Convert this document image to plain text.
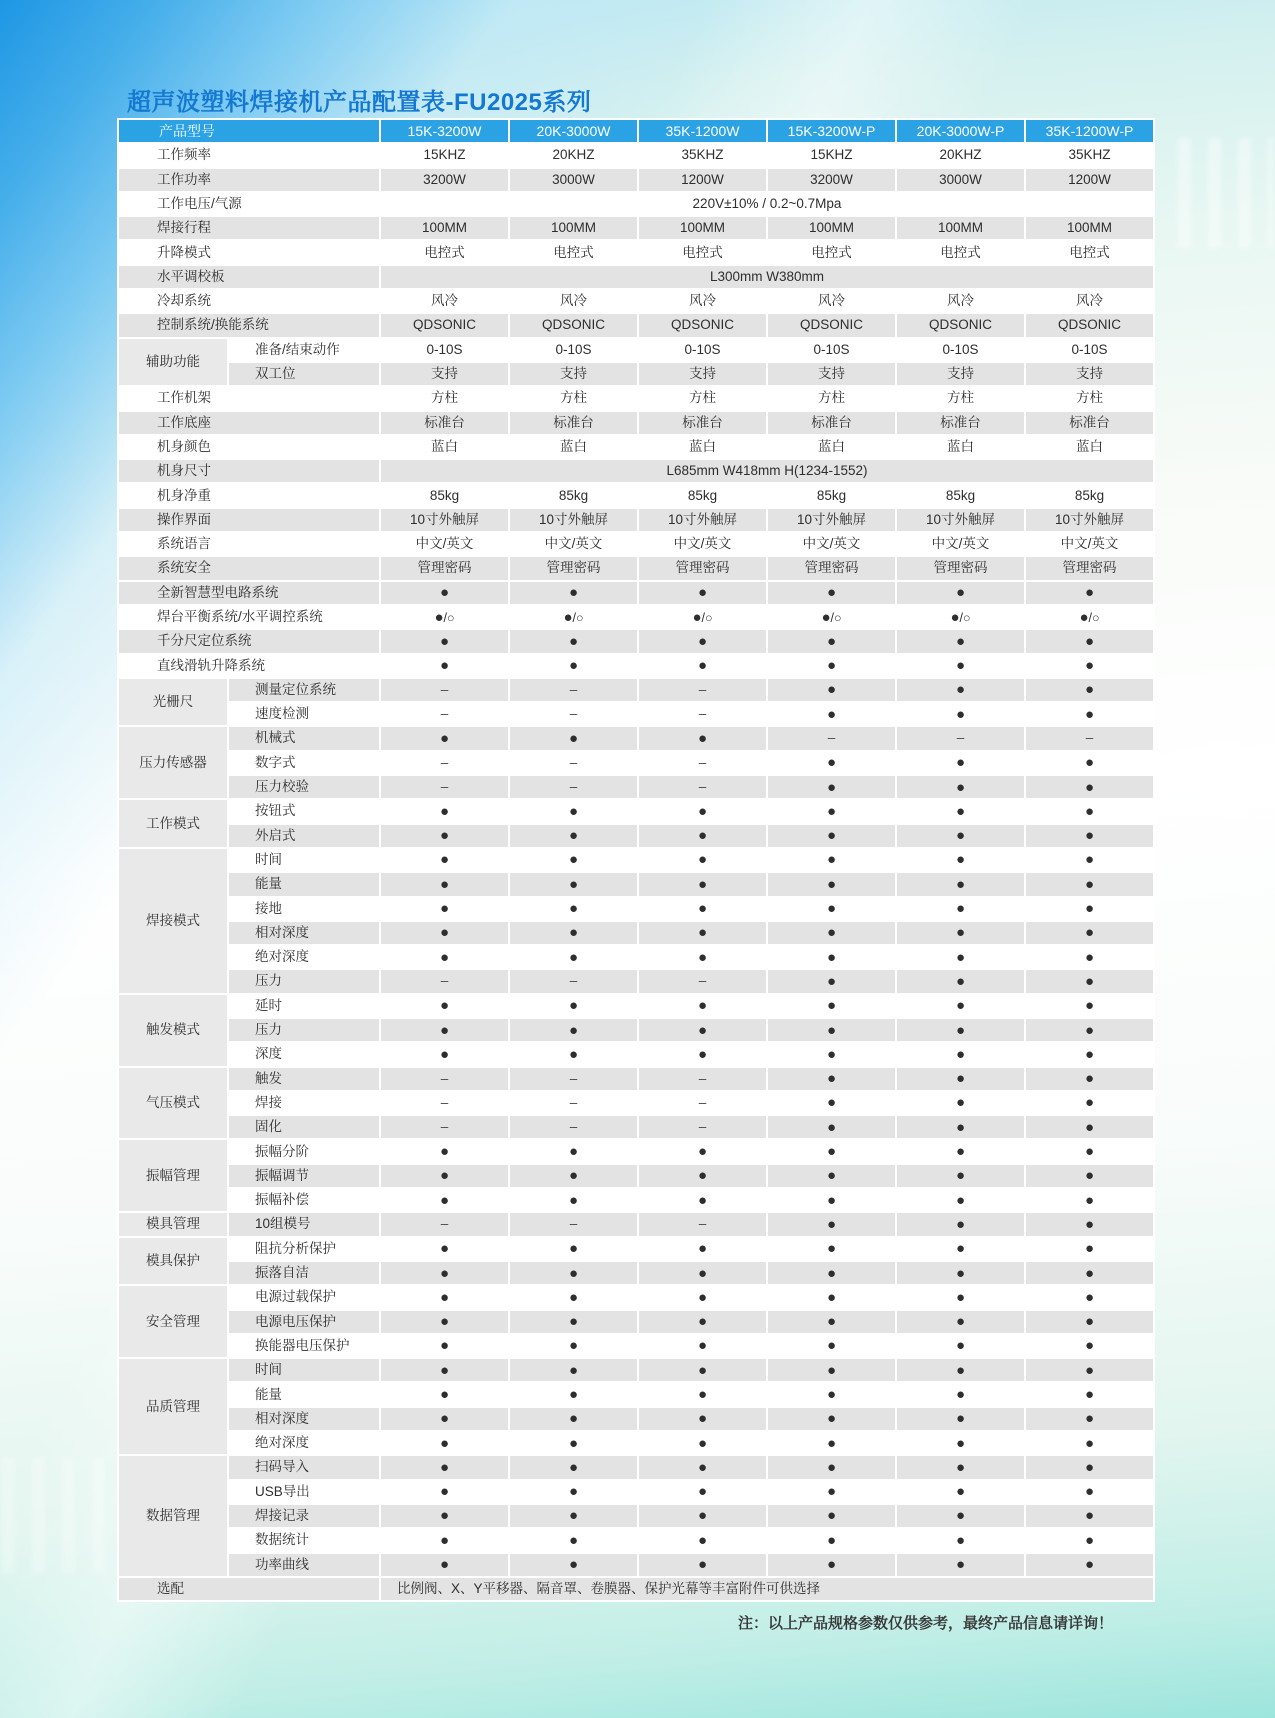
超声波塑料焊接机产品配置表-FU2025系列
产品型号		15K-3200W	20K-3000W	35K-1200W	15K-3200W-P	20K-3000W-P	35K-1200W-P
工作频率		15KHZ	20KHZ	35KHZ	15KHZ	20KHZ	35KHZ
工作功率		3200W	3000W	1200W	3200W	3000W	1200W
工作电压/气源		220V±10% / 0.2~0.7Mpa					
焊接行程		100MM	100MM	100MM	100MM	100MM	100MM
升降模式		电控式	电控式	电控式	电控式	电控式	电控式
水平调校板		L300mm W380mm					
冷却系统		风冷	风冷	风冷	风冷	风冷	风冷
控制系统/换能系统		QDSONIC	QDSONIC	QDSONIC	QDSONIC	QDSONIC	QDSONIC
辅助功能	准备/结束动作	0-10S	0-10S	0-10S	0-10S	0-10S	0-10S
	双工位	支持	支持	支持	支持	支持	支持
工作机架		方柱	方柱	方柱	方柱	方柱	方柱
工作底座		标准台	标准台	标准台	标准台	标准台	标准台
机身颜色		蓝白	蓝白	蓝白	蓝白	蓝白	蓝白
机身尺寸		L685mm W418mm H(1234-1552)					
机身净重		85kg	85kg	85kg	85kg	85kg	85kg
操作界面		10寸外触屏	10寸外触屏	10寸外触屏	10寸外触屏	10寸外触屏	10寸外触屏
系统语言		中文/英文	中文/英文	中文/英文	中文/英文	中文/英文	中文/英文
系统安全		管理密码	管理密码	管理密码	管理密码	管理密码	管理密码
全新智慧型电路系统		●	●	●	●	●	●
焊台平衡系统/水平调控系统		●/○	●/○	●/○	●/○	●/○	●/○
千分尺定位系统		●	●	●	●	●	●
直线滑轨升降系统		●	●	●	●	●	●
光栅尺	测量定位系统	–	–	–	●	●	●
	速度检测	–	–	–	●	●	●
压力传感器	机械式	●	●	●	–	–	–
	数字式	–	–	–	●	●	●
	压力校验	–	–	–	●	●	●
工作模式	按钮式	●	●	●	●	●	●
	外启式	●	●	●	●	●	●
焊接模式	时间	●	●	●	●	●	●
	能量	●	●	●	●	●	●
	接地	●	●	●	●	●	●
	相对深度	●	●	●	●	●	●
	绝对深度	●	●	●	●	●	●
	压力	–	–	–	●	●	●
触发模式	延时	●	●	●	●	●	●
	压力	●	●	●	●	●	●
	深度	●	●	●	●	●	●
气压模式	触发	–	–	–	●	●	●
	焊接	–	–	–	●	●	●
	固化	–	–	–	●	●	●
振幅管理	振幅分阶	●	●	●	●	●	●
	振幅调节	●	●	●	●	●	●
	振幅补偿	●	●	●	●	●	●
模具管理	10组模号	–	–	–	●	●	●
模具保护	阻抗分析保护	●	●	●	●	●	●
	振落自洁	●	●	●	●	●	●
安全管理	电源过载保护	●	●	●	●	●	●
	电源电压保护	●	●	●	●	●	●
	换能器电压保护	●	●	●	●	●	●
品质管理	时间	●	●	●	●	●	●
	能量	●	●	●	●	●	●
	相对深度	●	●	●	●	●	●
	绝对深度	●	●	●	●	●	●
数据管理	扫码导入	●	●	●	●	●	●
	USB导出	●	●	●	●	●	●
	焊接记录	●	●	●	●	●	●
	数据统计	●	●	●	●	●	●
	功率曲线	●	●	●	●	●	●
选配		比例阀、X、Y平移器、隔音罩、卷膜器、保护光幕等丰富附件可供选择					
注：以上产品规格参数仅供参考，最终产品信息请详询！
